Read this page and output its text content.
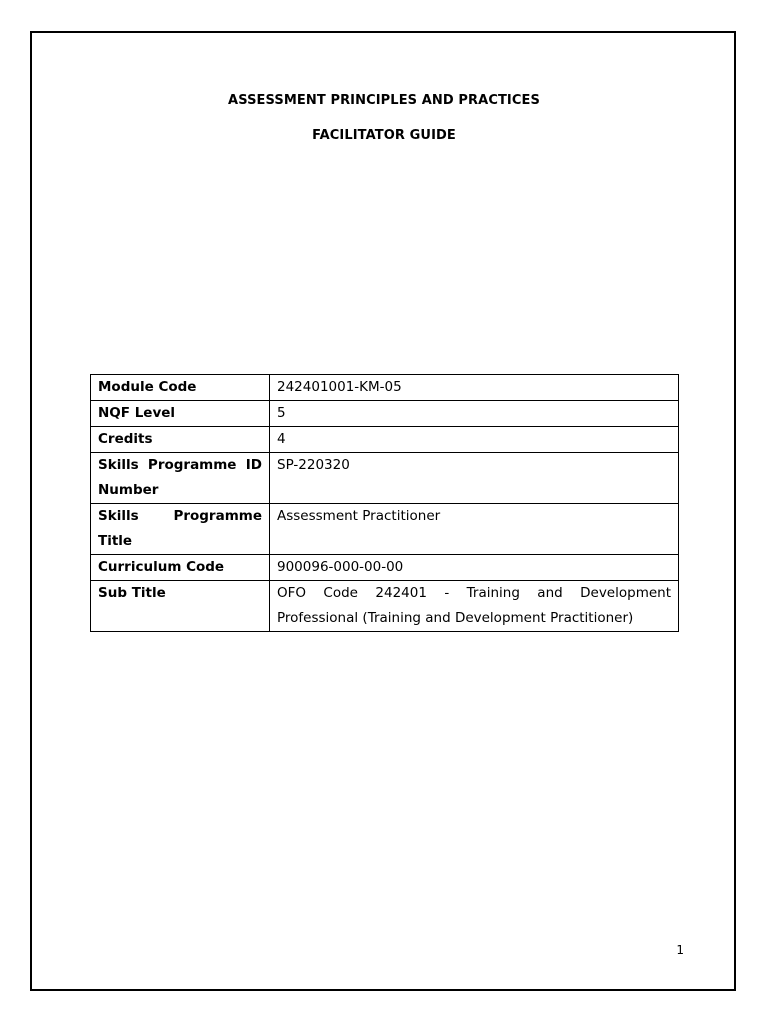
ASSESSMENT PRINCIPLES AND PRACTICES
FACILITATOR GUIDE
Module Code	242401001-KM-05
NQF Level	5
Credits	4
Skills Programme ID Number	SP-220320
Skills Programme Title	Assessment Practitioner
Curriculum Code	900096-000-00-00
Sub Title	OFO Code 242401 - Training and Development Professional (Training and Development Practitioner)
1
